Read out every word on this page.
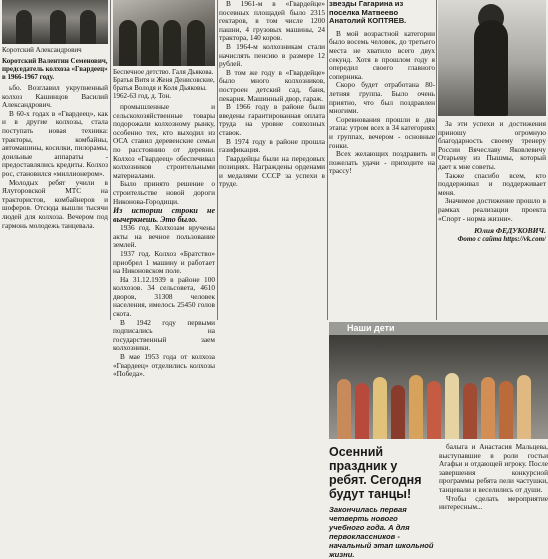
Коротский Александрович
Коротский Валентин Семенович, председатель колхоза «Гвардеец» в 1966-1967 году.

ьбо. Возглавил укрупненный колхоз Кашинцов Василий Александрович.

В 60-х годах в «Гвардеец», как и в другие колхозы, стала поступать новая техника: тракторы, комбайны, автомашины, косилки, пилорамы, доильные аппараты - предоставлялись кредиты. Колхоз рос, становился «миллионером».

Молодых ребят учили в Ялуторовской МТС на трактористов, комбайнеров и шоферов. Отсюда вышли тысячи людей для колхоза. Вечером под гармонь молодежь танцевала.

Беспечное детство. Галя Дьякова. Братья Витя и Женя Денисовские, братья Володя и Коля Дьяковы. 1962-63 год, д. Тон.

промышленные и сельскохозяйственные товары подорожали колхозному рынку, особенно тех, кто выходил из ОСА ставил деревенские семьи по расстоянию от деревни. Колхоз «Гвардеец» обеспечивал колхозников строительными материалами.

Было принято решение о строительстве новой дороги Никонова-Городищи.

Из истории строки не вычеркнешь. Это было.

1936 год. Колхозам вручены акты на вечное пользование землей.

1937 год. Колхоз «Братство» приобрел 1 машину и работает на Никоновском поле.

На 31.12.1939 в районе 100 колхозов. 34 сельсовета, 4610 дворов, 31308 человек населения, имелось 25450 голов скота.

В 1942 году первыми подписались на государственный заем колхозники.

В мае 1953 года от колхоза «Гвардеец» отделились колхозы «Победа».

В 1961-м в «Гвардейце» посевных площадей было 2315 гектаров, в том числе 1200 пашни, 4 грузовых машины, 24 трактора, 140 коров.

В 1964-м колхозникам стали начислять пенсию в размере 12 рублей.

В том же году в «Гвардейце» было много колхозников, построен детский сад, баня, пекарня. Машинный двор, гараж.

В 1966 году в районе были введены гарантированная оплата труда на уровне совхозных ставок.

В 1974 году в районе прошла газификация.

Гвардейцы были на передовых позициях. Награждены орденами и медалями СССР за успехи в труде.

звезды Гагарина из поселка Матвеево Анатолий КОПТЯЕВ.

В мой возрастной категории было восемь человек, до третьего места не хватило всего двух секунд. Хотя в прошлом году я опередил своего главного соперника.

Скоро будет отработана 80-летняя группа. Было очень приятно, что был поздравлен многими.

Соревнования прошли в два этапа: утром всех в 34 категориях и группах, вечером - основные гонки.

Всех желающих поздравить и пожелать удачи - приходите на трассу!

За эти успехи и достижения приношу огромную благодарность своему тренеру России Вячеславу Яковлевичу Отарьеву из Пышмы, который дает к мне советы.

Также спасибо всем, кто поддерживал и поддерживает меня.

Значимое достижение прошло в рамках реализации проекта «Спорт - норма жизни».

Юлия ФЕДУКОВИЧ.
Фото с сайта https://vk.com/
Наши дети
Осенний праздник у ребят. Сегодня будут танцы!
Закончилась первая четверть нового учебного года. А для первоклассников - начальный этап школьной жизни.

балыга и Анастасия Мальцева, выступавшие в роли гостьи Агафьи и отдающей игроку. После завершения конкурсной программы ребята пели частушки, танцевали и веселились от души.

Чтобы сделать мероприятие интересным...
